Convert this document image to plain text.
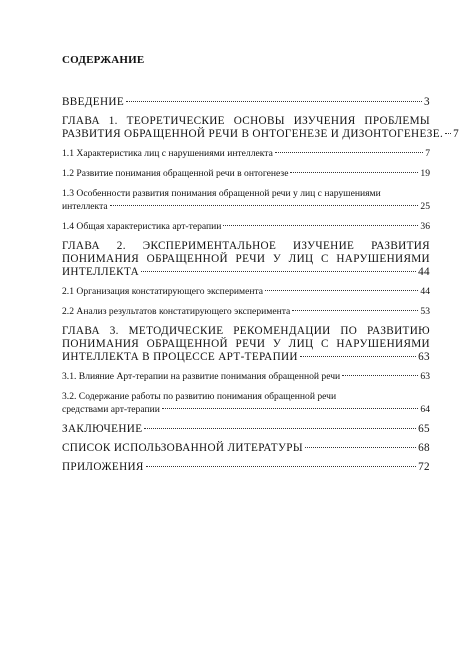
СОДЕРЖАНИЕ
ВВЕДЕНИЕ	3
ГЛАВА 1. ТЕОРЕТИЧЕСКИЕ ОСНОВЫ ИЗУЧЕНИЯ ПРОБЛЕМЫ
РАЗВИТИЯ ОБРАЩЕННОЙ РЕЧИ В ОНТОГЕНЕЗЕ И ДИЗОНТОГЕНЕЗЕ. 7
1.1 Характеристика лиц с нарушениями интеллекта	7
1.2 Развитие понимания обращенной речи в онтогенезе	19
1.3 Особенности развития понимания обращенной речи у лиц с нарушениями
интеллекта	25
1.4 Общая характеристика арт-терапии	36
ГЛАВА 2. ЭКСПЕРИМЕНТАЛЬНОЕ ИЗУЧЕНИЕ РАЗВИТИЯ
ПОНИМАНИЯ ОБРАЩЕННОЙ РЕЧИ У ЛИЦ С НАРУШЕНИЯМИ
ИНТЕЛЛЕКТА	44
2.1 Организация констатирующего эксперимента	44
2.2 Анализ результатов констатирующего эксперимента	53
ГЛАВА 3. МЕТОДИЧЕСКИЕ РЕКОМЕНДАЦИИ ПО РАЗВИТИЮ
ПОНИМАНИЯ ОБРАЩЕННОЙ РЕЧИ У ЛИЦ С НАРУШЕНИЯМИ
ИНТЕЛЛЕКТА В ПРОЦЕССЕ АРТ-ТЕРАПИИ	63
3.1. Влияние Арт-терапии на развитие понимания обращенной речи	63
3.2. Содержание работы по развитию понимания обращенной речи
средствами арт-терапии	64
ЗАКЛЮЧЕНИЕ	65
СПИСОК ИСПОЛЬЗОВАННОЙ ЛИТЕРАТУРЫ	68
ПРИЛОЖЕНИЯ	72
